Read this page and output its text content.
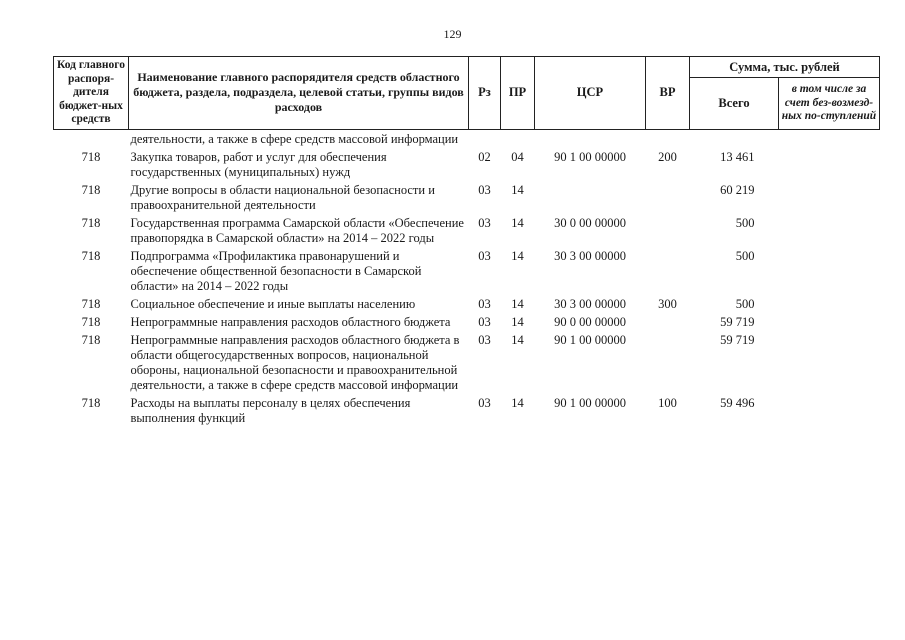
129
Код главного распоря-дителя бюджет-ных средств	Наименование главного распорядителя средств областного бюджета, раздела, подраздела, целевой статьи, группы видов расходов	Рз	ПР	ЦСР	ВР	Сумма, тыс. рублей	
						Всего	в том числе за счет без-возмезд-ных по-ступлений
	деятельности, а также в сфере средств массовой информации						
718	Закупка товаров, работ и услуг для обеспечения государственных (муниципальных) нужд	02	04	90 1 00 00000	200	13 461	
718	Другие вопросы в области национальной безопасности и правоохранительной деятельности	03	14			60 219	
718	Государственная программа Самарской области «Обеспечение правопорядка в Самарской области» на 2014 – 2022 годы	03	14	30 0 00 00000		500	
718	Подпрограмма «Профилактика правонарушений и обеспечение общественной безопасности в Самарской области» на 2014 – 2022 годы	03	14	30 3 00 00000		500	
718	Социальное обеспечение и иные выплаты населению	03	14	30 3 00 00000	300	500	
718	Непрограммные направления расходов областного бюджета	03	14	90 0 00 00000		59 719	
718	Непрограммные направления расходов областного бюджета в области общегосударственных вопросов, национальной обороны, национальной безопасности и правоохранительной деятельности, а также в сфере средств массовой информации	03	14	90 1 00 00000		59 719	
718	Расходы на выплаты персоналу в целях обеспечения выполнения функций	03	14	90 1 00 00000	100	59 496	
